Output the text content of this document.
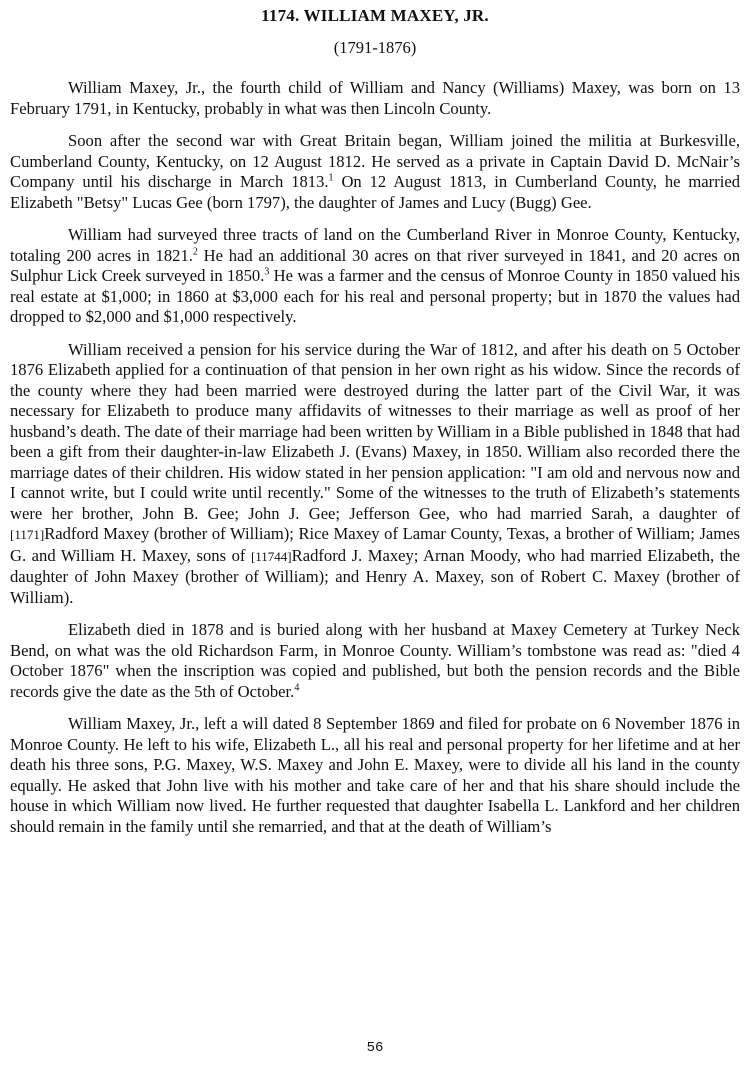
1174. WILLIAM MAXEY, JR.
(1791-1876)

William Maxey, Jr., the fourth child of William and Nancy (Williams) Maxey, was born on 13 February 1791, in Kentucky, probably in what was then Lincoln County.

Soon after the second war with Great Britain began, William joined the militia at Burkesville, Cumberland County, Kentucky, on 12 August 1812. He served as a private in Captain David D. McNair’s Company until his discharge in March 1813.$^1$ On 12 August 1813, in Cumberland County, he married Elizabeth "Betsy" Lucas Gee (born 1797), the daughter of James and Lucy (Bugg) Gee.

William had surveyed three tracts of land on the Cumberland River in Monroe County, Kentucky, totaling 200 acres in 1821.$^2$ He had an additional 30 acres on that river surveyed in 1841, and 20 acres on Sulphur Lick Creek surveyed in 1850.$^3$ He was a farmer and the census of Monroe County in 1850 valued his real estate at $1,000; in 1860 at $3,000 each for his real and personal property; but in 1870 the values had dropped to $2,000 and $1,000 respectively.

William received a pension for his service during the War of 1812, and after his death on 5 October 1876 Elizabeth applied for a continuation of that pension in her own right as his widow. Since the records of the county where they had been married were destroyed during the latter part of the Civil War, it was necessary for Elizabeth to produce many affidavits of witnesses to their marriage as well as proof of her husband’s death. The date of their marriage had been written by William in a Bible published in 1848 that had been a gift from their daughter-in-law Elizabeth J. (Evans) Maxey, in 1850. William also recorded there the marriage dates of their children. His widow stated in her pension application: "I am old and nervous now and I cannot write, but I could write until recently." Some of the witnesses to the truth of Elizabeth’s statements were her brother, John B. Gee; John J. Gee; Jefferson Gee, who had married Sarah, a daughter of [1171]Radford Maxey (brother of William); Rice Maxey of Lamar County, Texas, a brother of William; James G. and William H. Maxey, sons of [11744]Radford J. Maxey; Arnan Moody, who had married Elizabeth, the daughter of John Maxey (brother of William); and Henry A. Maxey, son of Robert C. Maxey (brother of William).

Elizabeth died in 1878 and is buried along with her husband at Maxey Cemetery at Turkey Neck Bend, on what was the old Richardson Farm, in Monroe County. William’s tombstone was read as: "died 4 October 1876" when the inscription was copied and published, but both the pension records and the Bible records give the date as the 5th of October.$^4$

William Maxey, Jr., left a will dated 8 September 1869 and filed for probate on 6 November 1876 in Monroe County. He left to his wife, Elizabeth L., all his real and personal property for her lifetime and at her death his three sons, P.G. Maxey, W.S. Maxey and John E. Maxey, were to divide all his land in the county equally. He asked that John live with his mother and take care of her and that his share should include the house in which William now lived. He further requested that daughter Isabella L. Lankford and her children should remain in the family until she remarried, and that at the death of William’s

56
